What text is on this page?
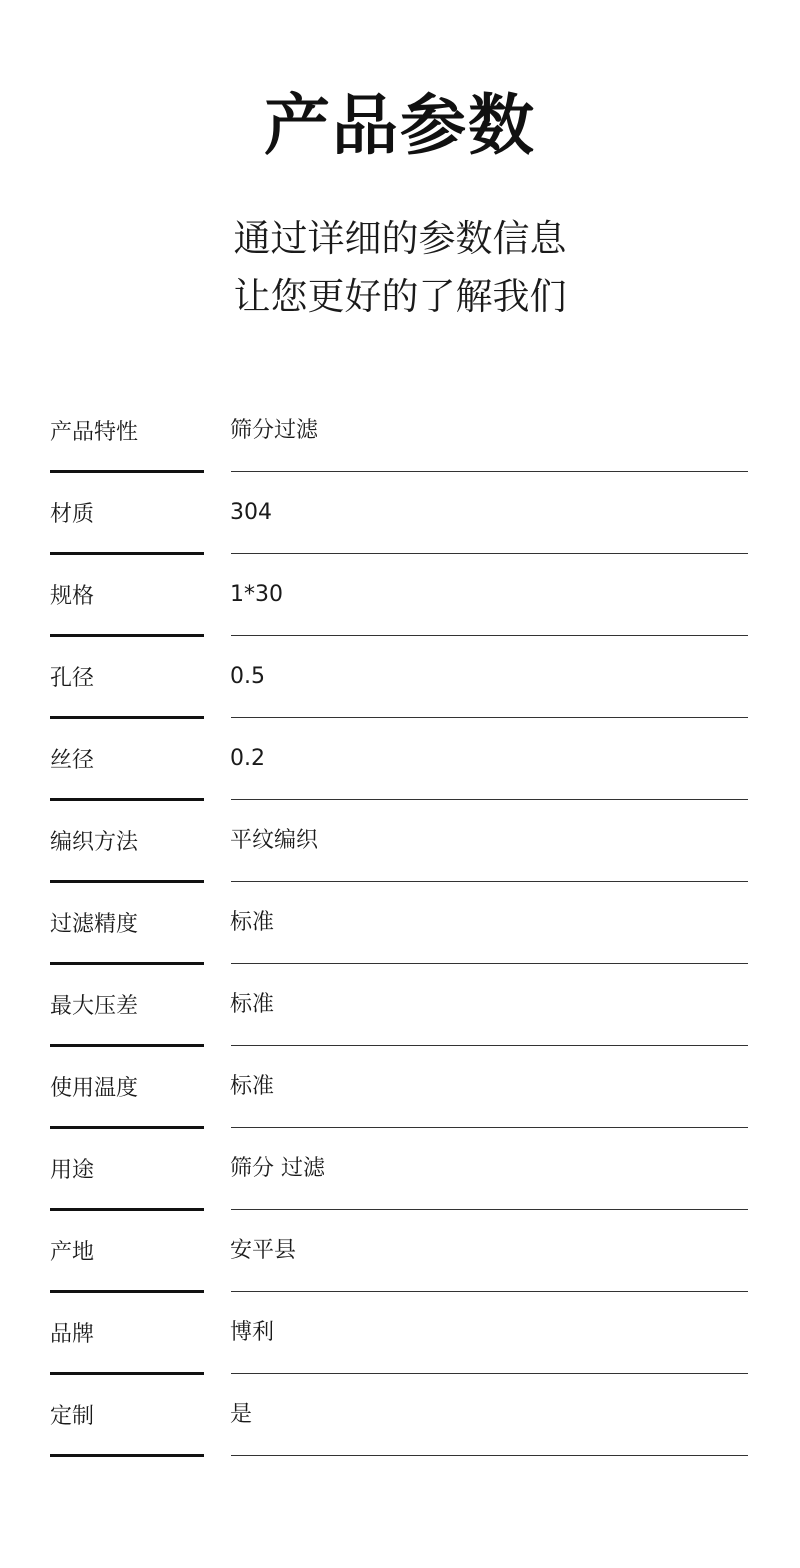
产品参数
通过详细的参数信息
让您更好的了解我们
产品特性	筛分过滤
材质	304
规格	1*30
孔径	0.5
丝径	0.2
编织方法	平纹编织
过滤精度	标准
最大压差	标准
使用温度	标准
用途	筛分 过滤
产地	安平县
品牌	博利
定制	是
